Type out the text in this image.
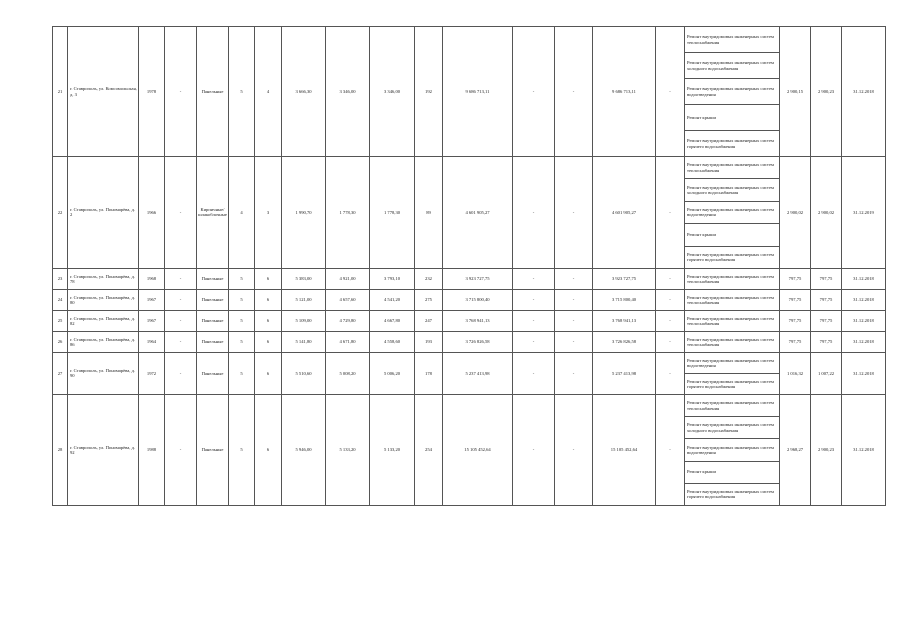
21	г. Ставрополь, ул. Комсомольская, д. 3	1978	-	Панельные	5	4	3 666,30	3 346,00	3 346,00	192	9 686 713,11	-	-	9 686 713,11	-	Ремонт внутридомовых инженерных систем теплоснабжения	2 900,15	2 900,23	31.12.2018
																Ремонт внутридомовых инженерных систем холодного водоснабжения			
																Ремонт внутридомовых инженерных систем водоотведения			
																Ремонт крыши			
																Ремонт внутридомовых инженерных систем горячего водоснабжения			
22	г. Ставрополь, ул. Пономарёва, д. 2	1966	-	Кирпичные/ шлакоблочные	4	3	1 990,70	1 778,30	1 778,30	89	4 601 905,27	-	-	4 601 905,27	-	Ремонт внутридомовых инженерных систем теплоснабжения	2 900,02	2 900,02	31.12.2019
																Ремонт внутридомовых инженерных систем холодного водоснабжения			
																Ремонт внутридомовых инженерных систем водоотведения			
																Ремонт крыши			
																Ремонт внутридомовых инженерных систем горячего водоснабжения			
23	г. Ставрополь, ул. Пономарёва, д. 78	1968	-	Панельные	5	6	5 383,00	4 921,00	3 793,10	232	3 923 727,75	-	-	3 923 727,75	-	Ремонт внутридомовых инженерных систем теплоснабжения	797,75	797,75	31.12.2018
24	г. Ставрополь, ул. Пономарёва, д. 80	1967	-	Панельные	5	6	5 121,00	4 657,60	4 541,20	275	3 715 800,40	-	-	3 715 800,40	-	Ремонт внутридомовых инженерных систем теплоснабжения	797,75	797,75	31.12.2018
25	г. Ставрополь, ул. Пономарёва, д. 82	1967	-	Панельные	5	6	5 109,00	4 729,80	4 667,80	247	3 768 941,13	-	-	3 768 941,13	-	Ремонт внутридомовых инженерных систем теплоснабжения	797,75	797,75	31.12.2018
26	г. Ставрополь, ул. Пономарёва, д. 86	1964	-	Панельные	5	6	5 141,80	4 671,80	4 558,60	193	3 726 826,58	-	-	3 726 826,58	-	Ремонт внутридомовых инженерных систем теплоснабжения	797,75	797,75	31.12.2018
27	г. Ставрополь, ул. Пономарёва, д. 90	1972	-	Панельные	5	6	5 510,60	5 008,20	5 006,20	178	5 237 413,98	-	-	5 237 413,98	-	Ремонт внутридомовых инженерных систем водоотведения	1 016,32	1 007,22	31.12.2018
																Ремонт внутридомовых инженерных систем горячего водоснабжения			
28	г. Ставрополь, ул. Пономарёва, д. 92	1988	-	Панельные	5	6	5 946,00	5 133,20	5 133,20	254	15 105 452,64	-	-	15 105 452,64	-	Ремонт внутридомовых инженерных систем теплоснабжения	2 968,27	2 900,23	31.12.2018
																Ремонт внутридомовых инженерных систем холодного водоснабжения			
																Ремонт внутридомовых инженерных систем водоотведения			
																Ремонт крыши			
																Ремонт внутридомовых инженерных систем горячего водоснабжения			
